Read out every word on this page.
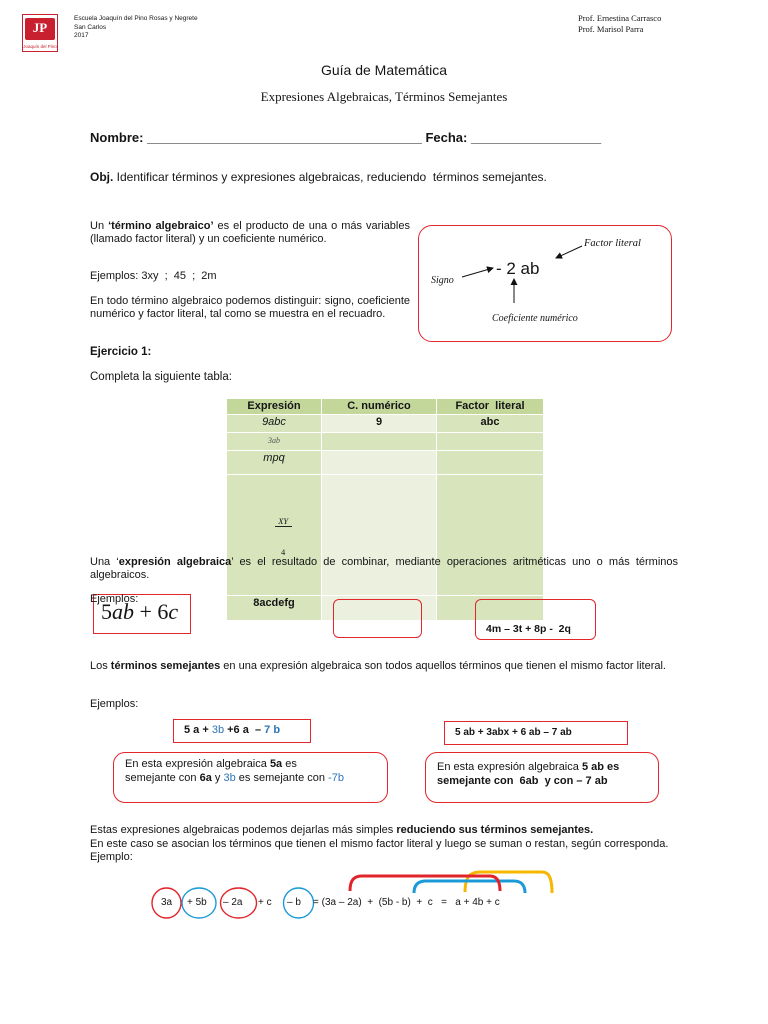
JP
Joaquín del Pino
Escuela Joaquín del Pino Rosas y Negrete
San Carlos
2017
Prof. Ernestina Carrasco
Prof. Marisol Parra
Guía de Matemática
Expresiones Algebraicas, Términos Semejantes
Nombre: ______________________________________ Fecha: __________________
Obj. Identificar términos y expresiones algebraicas, reduciendo  términos semejantes.
Un ‘término algebraico’ es el producto de una o más variables (llamado factor literal) y un coeficiente numérico.
Ejemplos: 3xy  ;  45  ;  2m
En todo término algebraico podemos distinguir: signo, coeficiente numérico y factor literal, tal como se muestra en el recuadro.
- 2 ab
Factor literal
Signo
Coeficiente numérico
Ejercicio 1:
Completa la siguiente tabla:
Expresión	C. numérico	Factor  literal
9abc	9	abc
3ab		
mpq		

$\frac{XY}{4}$

8acdefg		
Una ‘expresión algebraica’ es el resultado de combinar, mediante operaciones aritméticas uno o más términos algebraicos.
Ejemplos:
5ab + 6c
4m – 3t + 8p -  2q
Los términos semejantes en una expresión algebraica son todos aquellos términos que tienen el mismo factor literal.
Ejemplos:
5 a + 3b +6 a  – 7 b	5 ab + 3abx + 6 ab – 7 ab
En esta expresión algebraica 5a es
semejante con 6a y 3b es semejante con -7b
En esta expresión algebraica 5 ab es
semejante con  6ab  y con – 7 ab
Estas expresiones algebraicas podemos dejarlas más simples reduciendo sus términos semejantes.
En este caso se asocian los términos que tienen el mismo factor literal y luego se suman o restan, según corresponda.
Ejemplo:
3a + 5b – 2a + c – b = (3a – 2a)  +  (5b - b)  +  c   =   a + 4b + c
